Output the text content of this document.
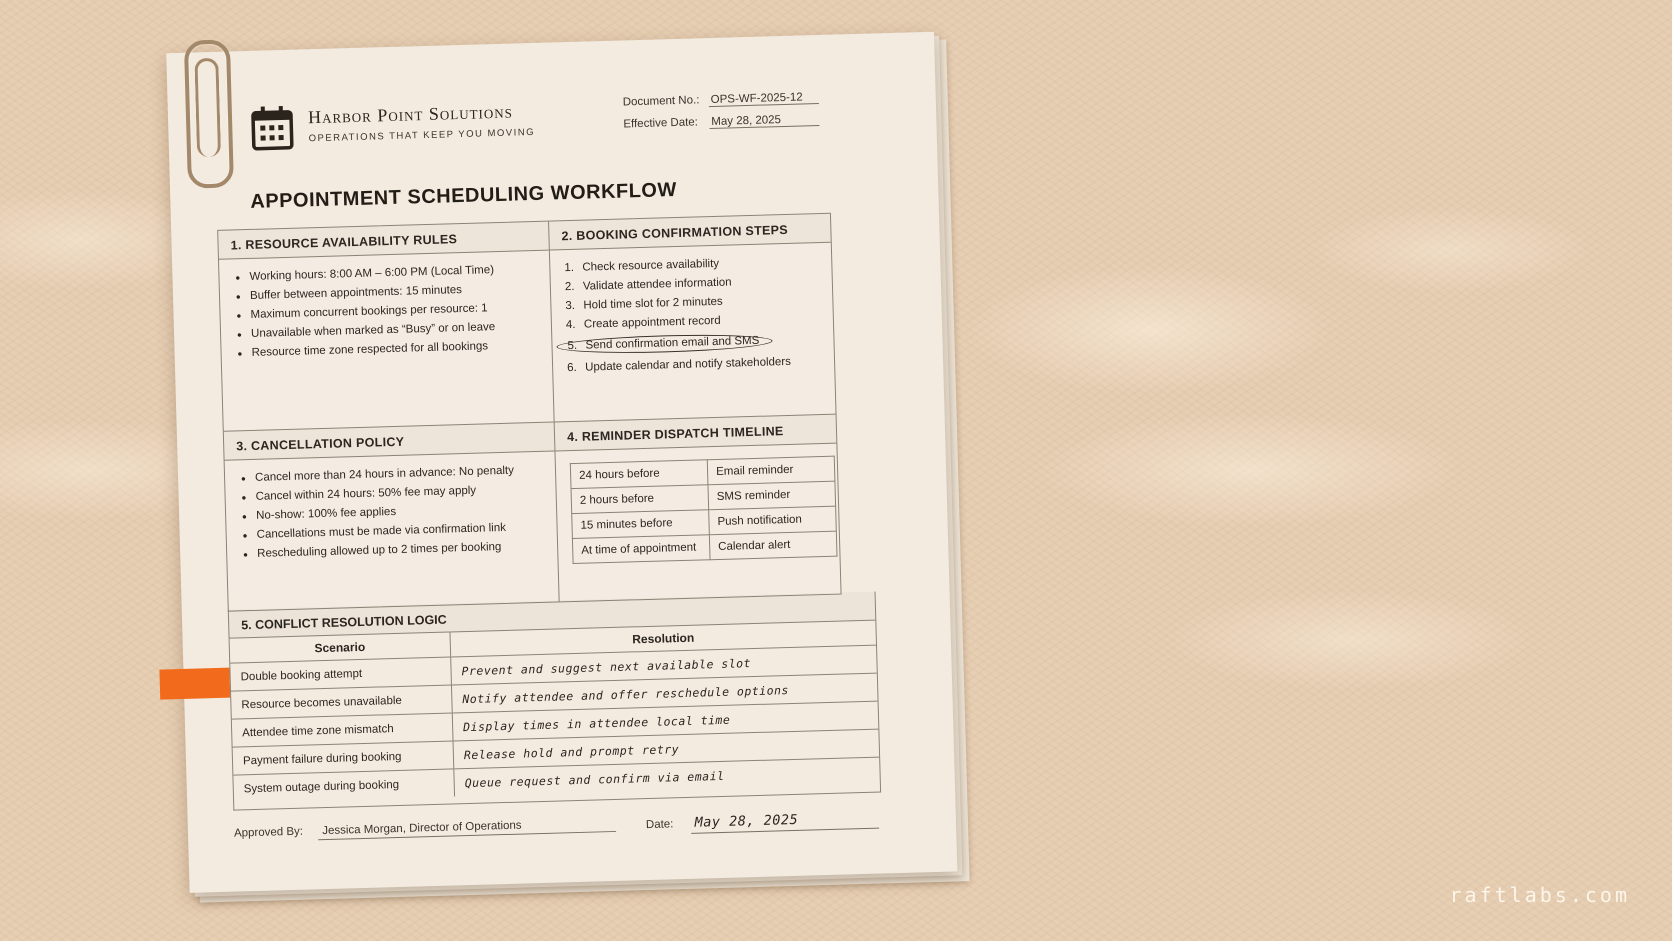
Harbor Point Solutions
OPERATIONS THAT KEEP YOU MOVING
Document No.: OPS-WF-2025-12
Effective Date: May 28, 2025
APPOINTMENT SCHEDULING WORKFLOW
1. RESOURCE AVAILABILITY RULES
• Working hours: 8:00 AM – 6:00 PM (Local Time)
• Buffer between appointments: 15 minutes
• Maximum concurrent bookings per resource: 1
• Unavailable when marked as “Busy” or on leave
• Resource time zone respected for all bookings
2. BOOKING CONFIRMATION STEPS
1. Check resource availability
2. Validate attendee information
3. Hold time slot for 2 minutes
4. Create appointment record
5. Send confirmation email and SMS
6. Update calendar and notify stakeholders
3. CANCELLATION POLICY
• Cancel more than 24 hours in advance: No penalty
• Cancel within 24 hours: 50% fee may apply
• No-show: 100% fee applies
• Cancellations must be made via confirmation link
• Rescheduling allowed up to 2 times per booking
4. REMINDER DISPATCH TIMELINE
24 hours before	Email reminder
2 hours before	SMS reminder
15 minutes before	Push notification
At time of appointment	Calendar alert
5. CONFLICT RESOLUTION LOGIC
Scenario	Resolution
Double booking attempt	Prevent and suggest next available slot
Resource becomes unavailable	Notify attendee and offer reschedule options
Attendee time zone mismatch	Display times in attendee local time
Payment failure during booking	Release hold and prompt retry
System outage during booking	Queue request and confirm via email
Approved By: Jessica Morgan, Director of Operations	Date: May 28, 2025
raftlabs.com
